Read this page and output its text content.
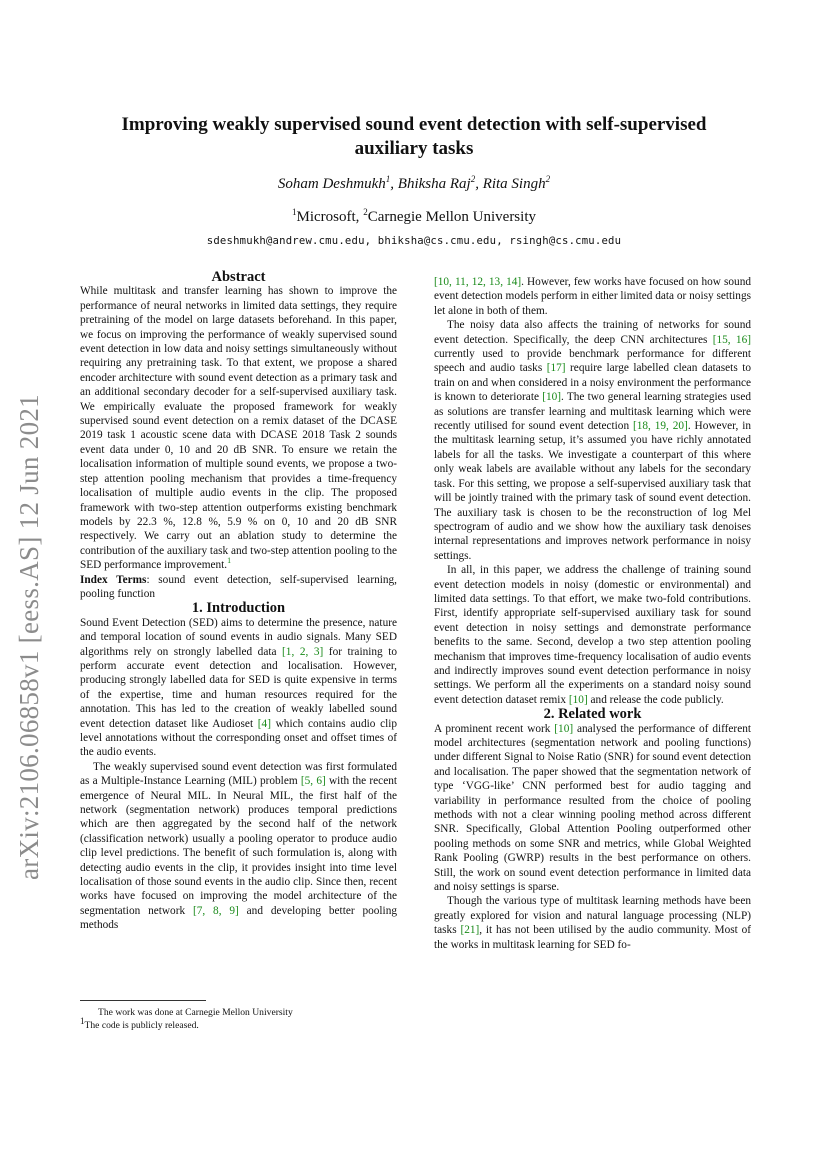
arXiv:2106.06858v1 [eess.AS] 12 Jun 2021
Improving weakly supervised sound event detection with self-supervised
auxiliary tasks
Soham Deshmukh$^1$, Bhiksha Raj$^2$, Rita Singh$^2$
$^1$Microsoft, $^2$Carnegie Mellon University
sdeshmukh@andrew.cmu.edu, bhiksha@cs.cmu.edu, rsingh@cs.cmu.edu
Abstract

While multitask and transfer learning has shown to improve the performance of neural networks in limited data settings, they require pretraining of the model on large datasets beforehand. In this paper, we focus on improving the performance of weakly supervised sound event detection in low data and noisy settings simultaneously without requiring any pretraining task. To that extent, we propose a shared encoder architecture with sound event detection as a primary task and an additional secondary decoder for a self-supervised auxiliary task. We empirically evaluate the proposed framework for weakly supervised sound event detection on a remix dataset of the DCASE 2019 task 1 acoustic scene data with DCASE 2018 Task 2 sounds event data under 0, 10 and 20 dB SNR. To ensure we retain the localisation information of multiple sound events, we propose a two-step attention pooling mechanism that provides a time-frequency localisation of multiple audio events in the clip. The proposed framework with two-step attention outperforms existing benchmark models by 22.3 %, 12.8 %, 5.9 % on 0, 10 and 20 dB SNR respectively. We carry out an ablation study to determine the contribution of the auxiliary task and two-step attention pooling to the SED performance improvement.$^1$

Index Terms: sound event detection, self-supervised learning, pooling function

1. Introduction

Sound Event Detection (SED) aims to determine the presence, nature and temporal location of sound events in audio signals. Many SED algorithms rely on strongly labelled data [1, 2, 3] for training to perform accurate event detection and localisation. However, producing strongly labelled data for SED is quite expensive in terms of the expertise, time and human resources required for the annotation. This has led to the creation of weakly labelled sound event detection dataset like Audioset [4] which contains audio clip level annotations without the corresponding onset and offset times of the audio events.

The weakly supervised sound event detection was first formulated as a Multiple-Instance Learning (MIL) problem [5, 6] with the recent emergence of Neural MIL. In Neural MIL, the first half of the network (segmentation network) produces temporal predictions which are then aggregated by the second half of the network (classification network) usually a pooling operator to produce audio clip level predictions. The benefit of such formulation is, along with detecting audio events in the clip, it provides insight into time level localisation of those sound events in the audio clip. Since then, recent works have focused on improving the model architecture of the segmentation network [7, 8, 9] and developing better pooling methods

[10, 11, 12, 13, 14]. However, few works have focused on how sound event detection models perform in either limited data or noisy settings let alone in both of them.

The noisy data also affects the training of networks for sound event detection. Specifically, the deep CNN architectures [15, 16] currently used to provide benchmark performance for different speech and audio tasks [17] require large labelled clean datasets to train on and when considered in a noisy environment the performance is known to deteriorate [10]. The two general learning strategies used as solutions are transfer learning and multitask learning which were recently utilised for sound event detection [18, 19, 20]. However, in the multitask learning setup, it’s assumed you have richly annotated labels for all the tasks. We investigate a counterpart of this where only weak labels are available without any labels for the secondary task. For this setting, we propose a self-supervised auxiliary task that will be jointly trained with the primary task of sound event detection. The auxiliary task is chosen to be the reconstruction of log Mel spectrogram of audio and we show how the auxiliary task denoises internal representations and improves network performance in noisy settings.

In all, in this paper, we address the challenge of training sound event detection models in noisy (domestic or environmental) and limited data settings. To that effort, we make two-fold contributions. First, identify appropriate self-supervised auxiliary task for sound event detection in noisy settings and demonstrate performance benefits to the same. Second, develop a two step attention pooling mechanism that improves time-frequency localisation of audio events and indirectly improves sound event detection performance in noisy settings. We perform all the experiments on a standard noisy sound event detection dataset remix [10] and release the code publicly.

2. Related work

A prominent recent work [10] analysed the performance of different model architectures (segmentation network and pooling functions) under different Signal to Noise Ratio (SNR) for sound event detection and localisation. The paper showed that the segmentation network of type ‘VGG-like’ CNN performed best for audio tagging and variability in performance resulted from the choice of pooling methods with not a clear winning pooling method across different SNR. Specifically, Global Attention Pooling outperformed other pooling methods on some SNR and metrics, while Global Weighted Rank Pooling (GWRP) results in the best performance on others. Still, the work on sound event detection performance in limited data and noisy settings is sparse.

Though the various type of multitask learning methods have been greatly explored for vision and natural language processing (NLP) tasks [21], it has not been utilised by the audio community. Most of the works in multitask learning for SED fo-

The work was done at Carnegie Mellon University
$^1$The code is publicly released.
